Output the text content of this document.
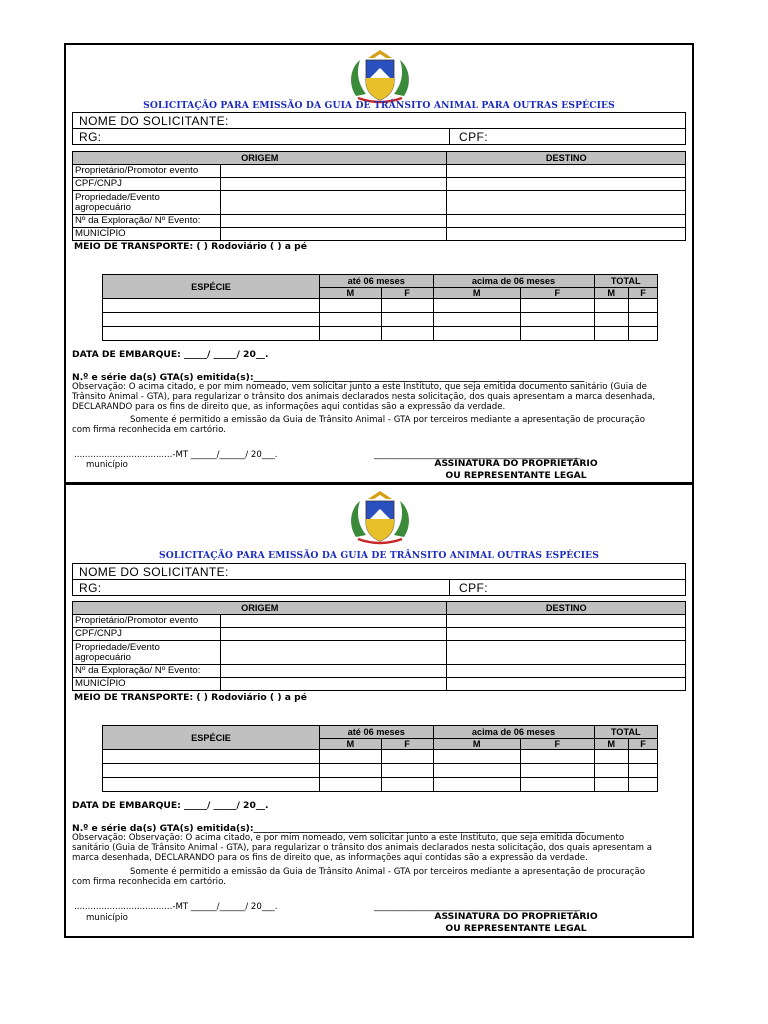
SOLICITAÇÃO PARA EMISSÃO DA GUIA DE TRÂNSITO ANIMAL PARA OUTRAS ESPÉCIES
NOME DO SOLICITANTE:
RG:	CPF:
ORIGEM		DESTINO
Proprietário/Promotor evento		
CPF/CNPJ		
Propriedade/Evento agropecuário		
Nº da Exploração/ Nº Evento:		
MUNICÍPIO		
MEIO DE TRANSPORTE: ( ) Rodoviário ( ) a pé
ESPÉCIE	até 06 meses		acima de 06 meses		TOTAL	
	M	F	M	F	M	F

DATA DE EMBARQUE: _____/ _____/ 20__.
N.º e série da(s) GTA(s) emitida(s):________________________________________________________________________
Observação: O acima citado, e por mim nomeado, vem solicitar junto a este Instituto, que seja emitida documento sanitário (Guia de
Trânsito Animal - GTA), para regularizar o trânsito dos animais declarados nesta solicitação, dos quais apresentam a marca desenhada,
DECLARANDO para os fins de direito que, as informações aqui contidas são a expressão da verdade.
Somente é permitido a emissão da Guia de Trânsito Animal - GTA por terceiros mediante a apresentação de procuração
com firma reconhecida em cartório.
....................................-MT ______/______/ 20___.
município
________________________________________________
ASSINATURA DO PROPRIETÁRIO
OU REPRESENTANTE LEGAL
SOLICITAÇÃO PARA EMISSÃO DA GUIA DE TRÂNSITO ANIMAL OUTRAS ESPÉCIES
NOME DO SOLICITANTE:
RG:	CPF:
ORIGEM		DESTINO
Proprietário/Promotor evento		
CPF/CNPJ		
Propriedade/Evento agropecuário		
Nº da Exploração/ Nº Evento:		
MUNICÍPIO		
MEIO DE TRANSPORTE: ( ) Rodoviário ( ) a pé
ESPÉCIE	até 06 meses		acima de 06 meses		TOTAL	
	M	F	M	F	M	F

DATA DE EMBARQUE: _____/ _____/ 20__.
N.º e série da(s) GTA(s) emitida(s):________________________________________________________________________
Observação: Observação: O acima citado, e por mim nomeado, vem solicitar junto a este Instituto, que seja emitida documento
sanitário (Guia de Trânsito Animal - GTA), para regularizar o trânsito dos animais declarados nesta solicitação, dos quais apresentam a
marca desenhada, DECLARANDO para os fins de direito que, as informações aqui contidas são a expressão da verdade.
Somente é permitido a emissão da Guia de Trânsito Animal - GTA por terceiros mediante a apresentação de procuração
com firma reconhecida em cartório.
....................................-MT ______/______/ 20___.
município
________________________________________________
ASSINATURA DO PROPRIETÁRIO
OU REPRESENTANTE LEGAL
